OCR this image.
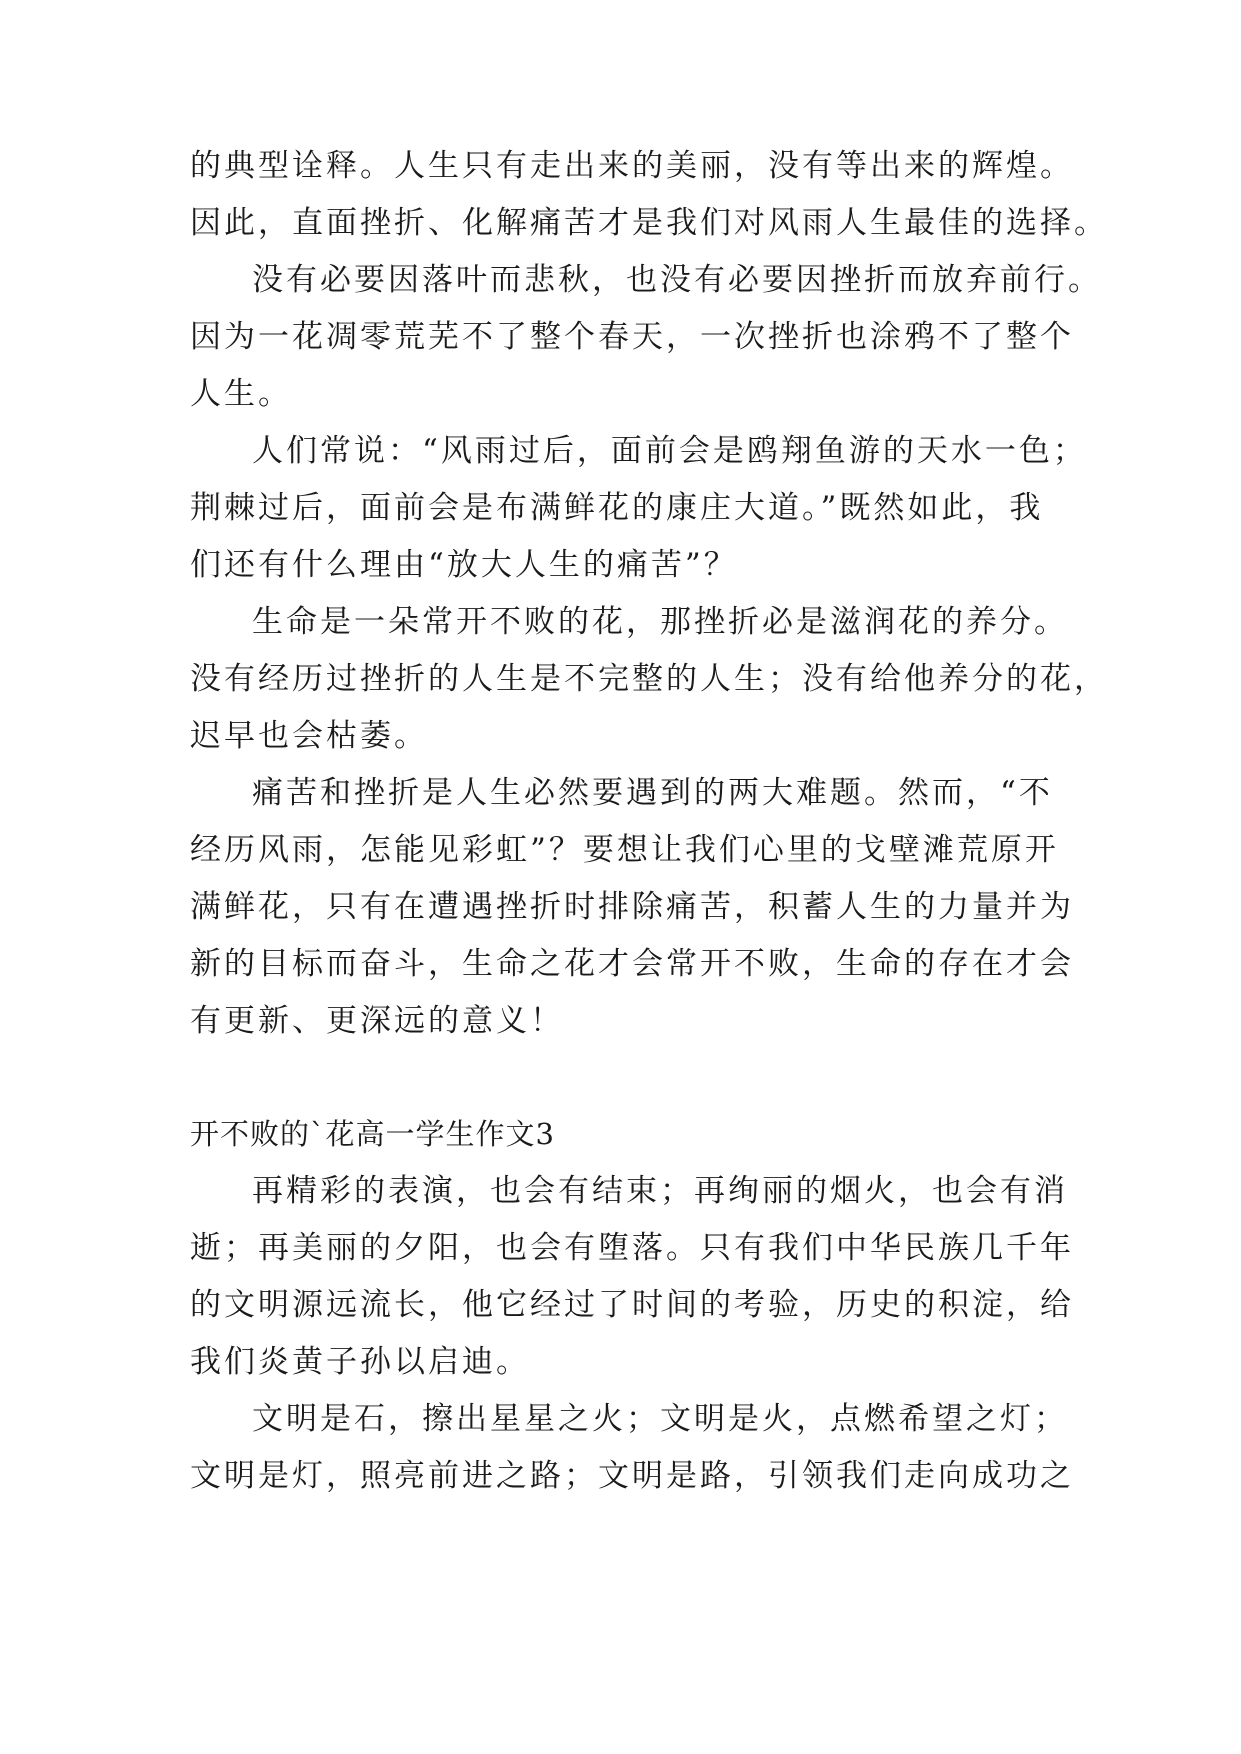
的典型诠释。人生只有走出来的美丽，没有等出来的辉煌。
因此，直面挫折、化解痛苦才是我们对风雨人生最佳的选择。
没有必要因落叶而悲秋，也没有必要因挫折而放弃前行。
因为一花凋零荒芜不了整个春天，一次挫折也涂鸦不了整个
人生。
人们常说：“风雨过后，面前会是鸥翔鱼游的天水一色；
荆棘过后，面前会是布满鲜花的康庄大道。”既然如此，我
们还有什么理由“放大人生的痛苦”？
生命是一朵常开不败的花，那挫折必是滋润花的养分。
没有经历过挫折的人生是不完整的人生；没有给他养分的花，
迟早也会枯萎。
痛苦和挫折是人生必然要遇到的两大难题。然而，“不
经历风雨，怎能见彩虹”？要想让我们心里的戈壁滩荒原开
满鲜花，只有在遭遇挫折时排除痛苦，积蓄人生的力量并为
新的目标而奋斗，生命之花才会常开不败，生命的存在才会
有更新、更深远的意义！
开不败的`花高一学生作文3
再精彩的表演，也会有结束；再绚丽的烟火，也会有消
逝；再美丽的夕阳，也会有堕落。只有我们中华民族几千年
的文明源远流长，他它经过了时间的考验，历史的积淀，给
我们炎黄子孙以启迪。
文明是石，擦出星星之火；文明是火，点燃希望之灯；
文明是灯，照亮前进之路；文明是路，引领我们走向成功之
